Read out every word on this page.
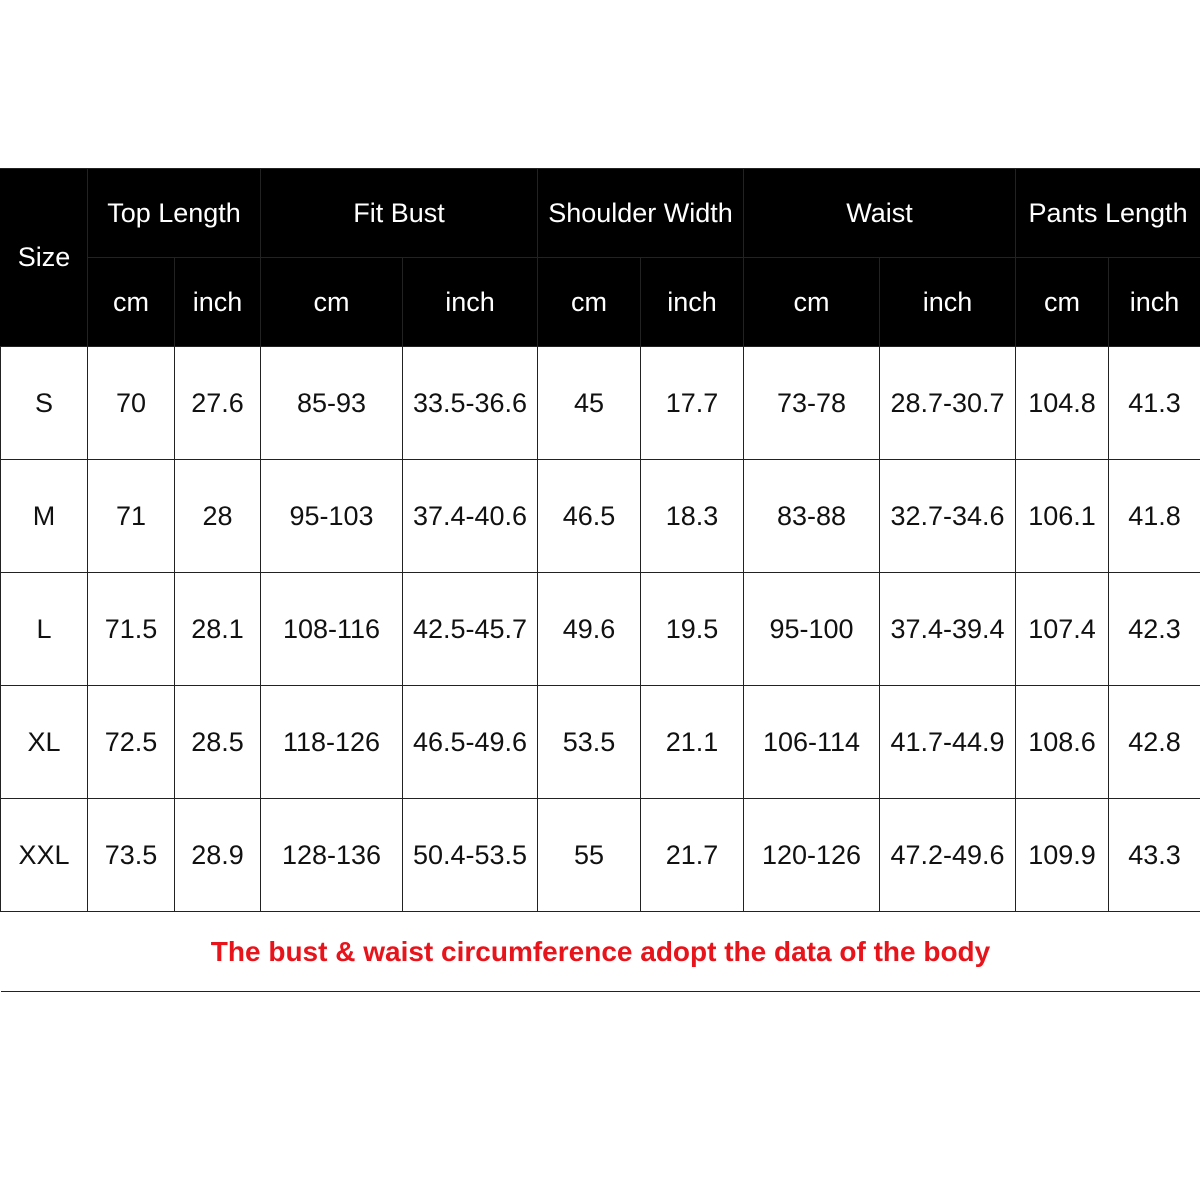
Size	Top Length		Fit Bust		Shoulder Width		Waist		Pants Length	
	cm	inch	cm	inch	cm	inch	cm	inch	cm	inch
S	70	27.6	85-93	33.5-36.6	45	17.7	73-78	28.7-30.7	104.8	41.3
M	71	28	95-103	37.4-40.6	46.5	18.3	83-88	32.7-34.6	106.1	41.8
L	71.5	28.1	108-116	42.5-45.7	49.6	19.5	95-100	37.4-39.4	107.4	42.3
XL	72.5	28.5	118-126	46.5-49.6	53.5	21.1	106-114	41.7-44.9	108.6	42.8
XXL	73.5	28.9	128-136	50.4-53.5	55	21.7	120-126	47.2-49.6	109.9	43.3
The bust & waist circumference adopt the data of the body										
